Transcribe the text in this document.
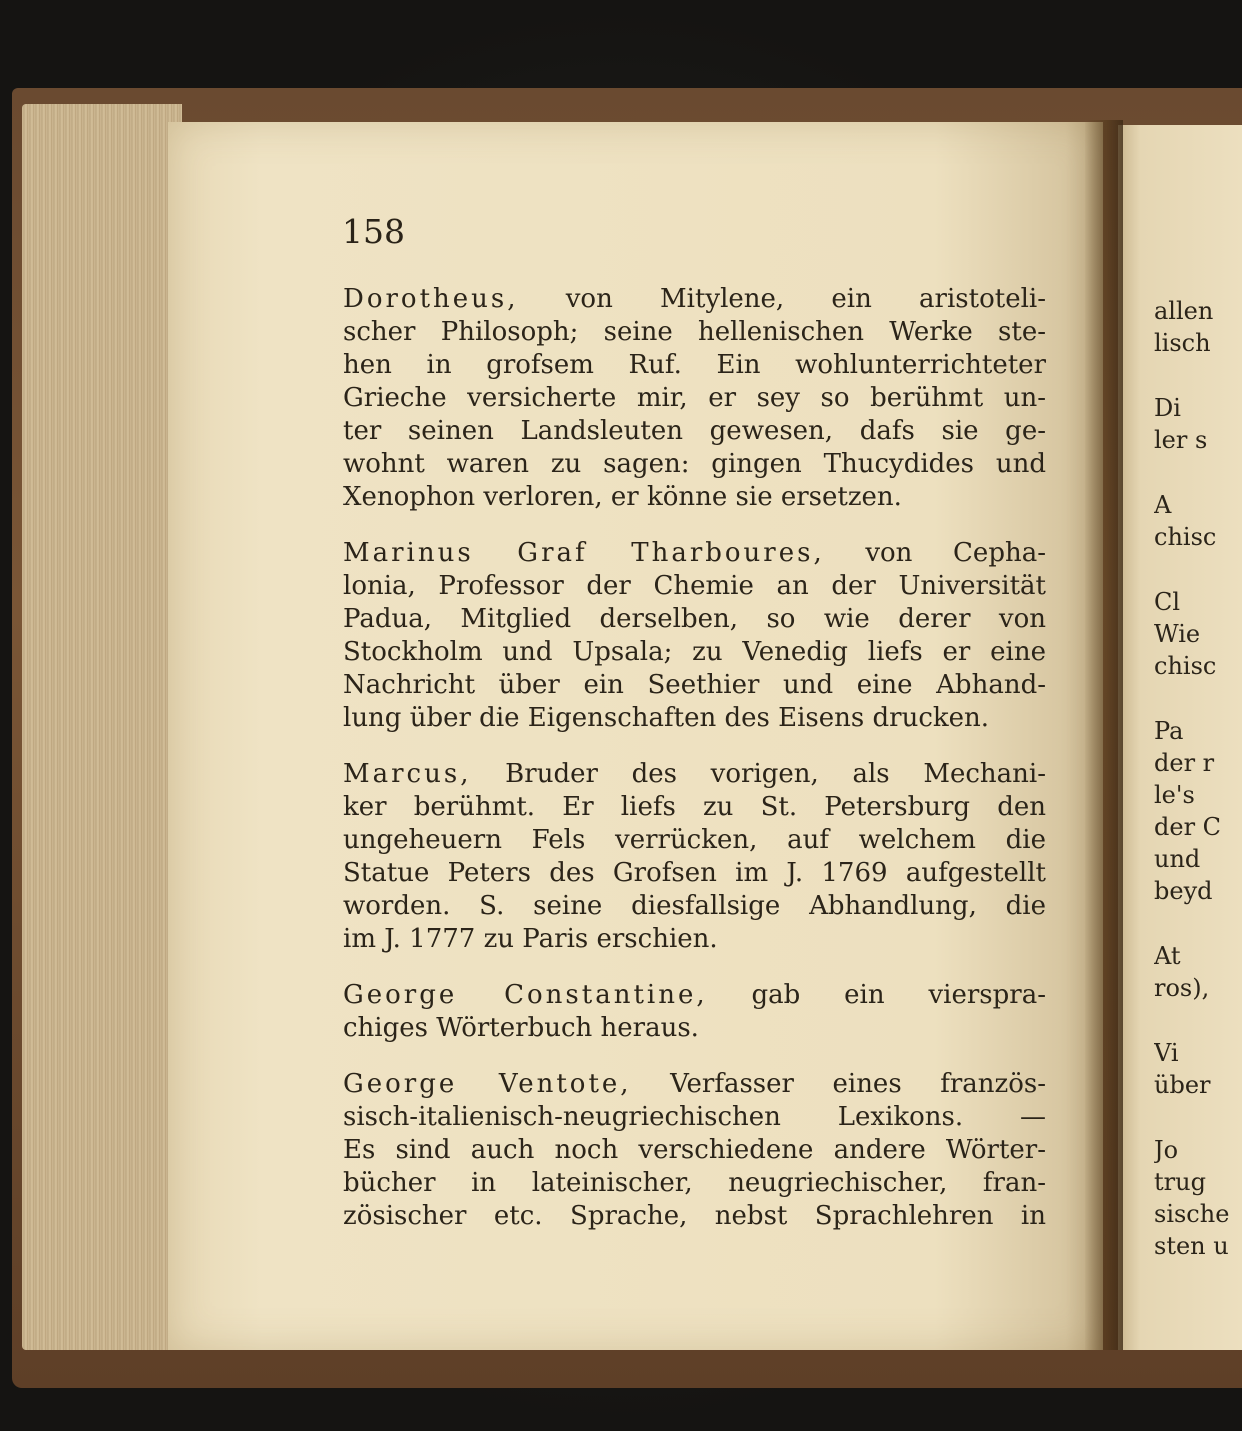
158

Dorotheus, von Mitylene, ein aristoteli-
scher Philosoph; seine hellenischen Werke ste-
hen in grofsem Ruf. Ein wohlunterrichteter
Grieche versicherte mir, er sey so berühmt un-
ter seinen Landsleuten gewesen, dafs sie ge-
wohnt waren zu sagen: gingen Thucydides und
Xenophon verloren, er könne sie ersetzen.

Marinus Graf Tharboures, von Cepha-
lonia, Professor der Chemie an der Universität
Padua, Mitglied derselben, so wie derer von
Stockholm und Upsala; zu Venedig liefs er eine
Nachricht über ein Seethier und eine Abhand-
lung über die Eigenschaften des Eisens drucken.

Marcus, Bruder des vorigen, als Mechani-
ker berühmt. Er liefs zu St. Petersburg den
ungeheuern Fels verrücken, auf welchem die
Statue Peters des Grofsen im J. 1769 aufgestellt
worden. S. seine diesfallsige Abhandlung, die
im J. 1777 zu Paris erschien.

George Constantine, gab ein viersprа-
chiges Wörterbuch heraus.

George Ventote, Verfasser eines französ-
sisch-italienisch-neugriechischen Lexikons. —
Es sind auch noch verschiedene andere Wörter-
bücher in lateinischer, neugriechischer, fran-
zösischer etc. Sprache, nebst Sprachlehren in

allen
lisch
Di
ler s
A
chisc
Cl
Wie
chisc
Pa
der r
le's
der C
und
beyd
At
ros),
Vi
über
Jo
trug
sische
sten u
